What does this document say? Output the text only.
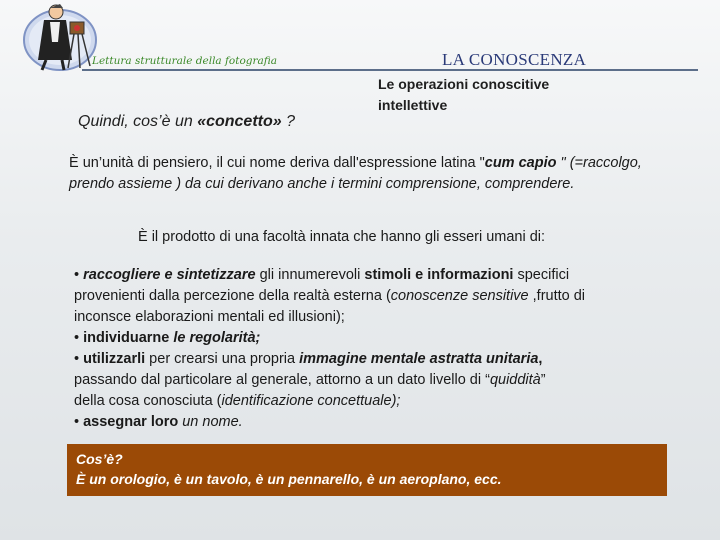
Lettura strutturale della fotografia	LA CONOSCENZA
Le operazioni conoscitive
intellettive
Quindi, cos’è un «concetto» ?
È un’unità di pensiero, il cui nome deriva dall'espressione latina "cum capio " (=raccolgo, prendo assieme ) da cui derivano anche i termini comprensione, comprendere.
È il prodotto di una facoltà innata che hanno gli esseri umani di:
• raccogliere e sintetizzare gli innumerevoli stimoli e informazioni specifici
provenienti dalla percezione della realtà esterna (conoscenze sensitive ,frutto di
inconsce elaborazioni mentali ed illusioni);
• individuarne le regolarità;
• utilizzarli per crearsi una propria immagine mentale astratta unitaria,
passando dal particolare al generale, attorno a un dato livello di “quiddità”
della cosa conosciuta (identificazione concettuale);
• assegnar loro un nome.
Cos’è?
È un orologio, è un tavolo, è un pennarello, è un aeroplano, ecc.
